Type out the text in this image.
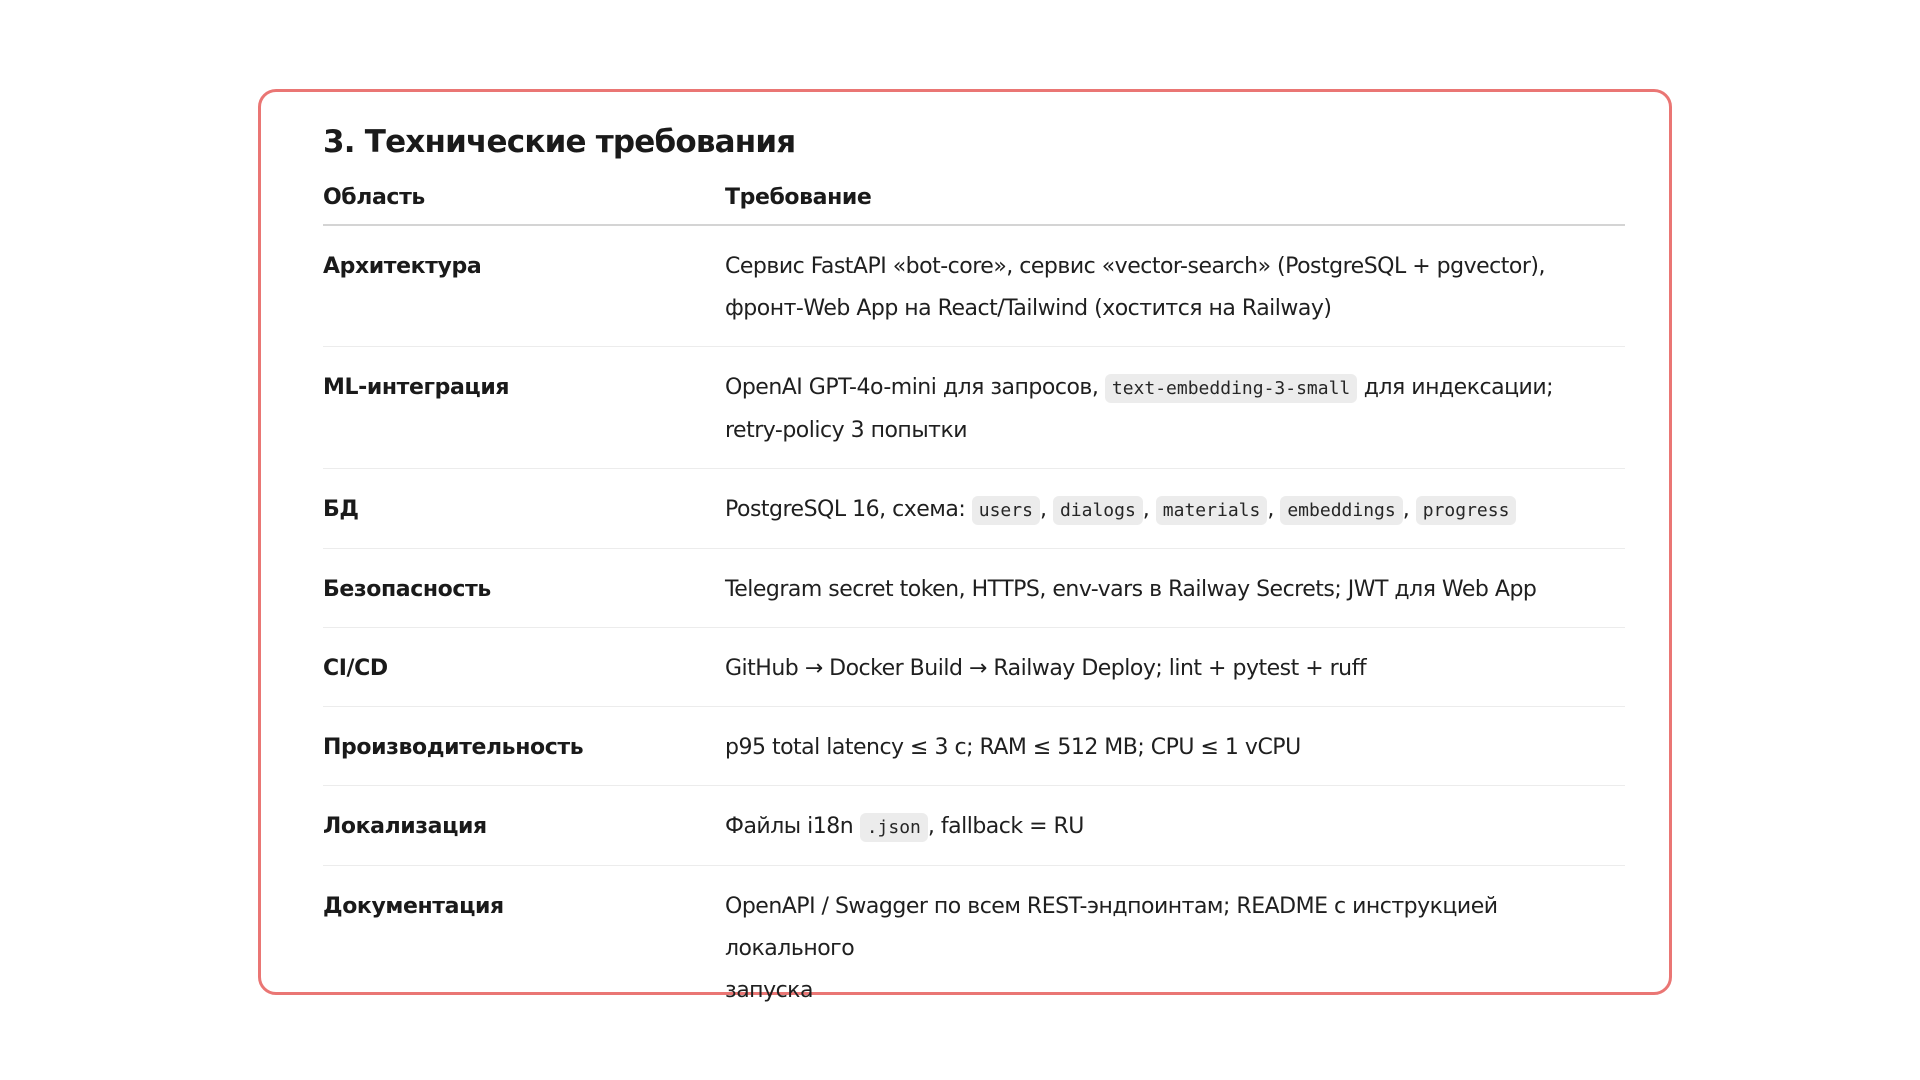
3. Технические требования
Область	Требование
Архитектура	Сервис FastAPI «bot-core», сервис «vector-search» (PostgreSQL + pgvector),
фронт-Web App на React/Tailwind (хостится на Railway)
ML-интеграция	OpenAI GPT-4o-mini для запросов, text-embedding-3-small для индексации;
retry-policy 3 попытки
БД	PostgreSQL 16, схема: users , dialogs , materials , embeddings , progress
Безопасность	Telegram secret token, HTTPS, env-vars в Railway Secrets; JWT для Web App
CI/CD	GitHub → Docker Build → Railway Deploy; lint + pytest + ruff
Производительность	p95 total latency ≤ 3 с; RAM ≤ 512 MB; CPU ≤ 1 vCPU
Локализация	Файлы i18n .json , fallback = RU
Документация	OpenAPI / Swagger по всем REST-эндпоинтам; README с инструкцией локального
запуска
